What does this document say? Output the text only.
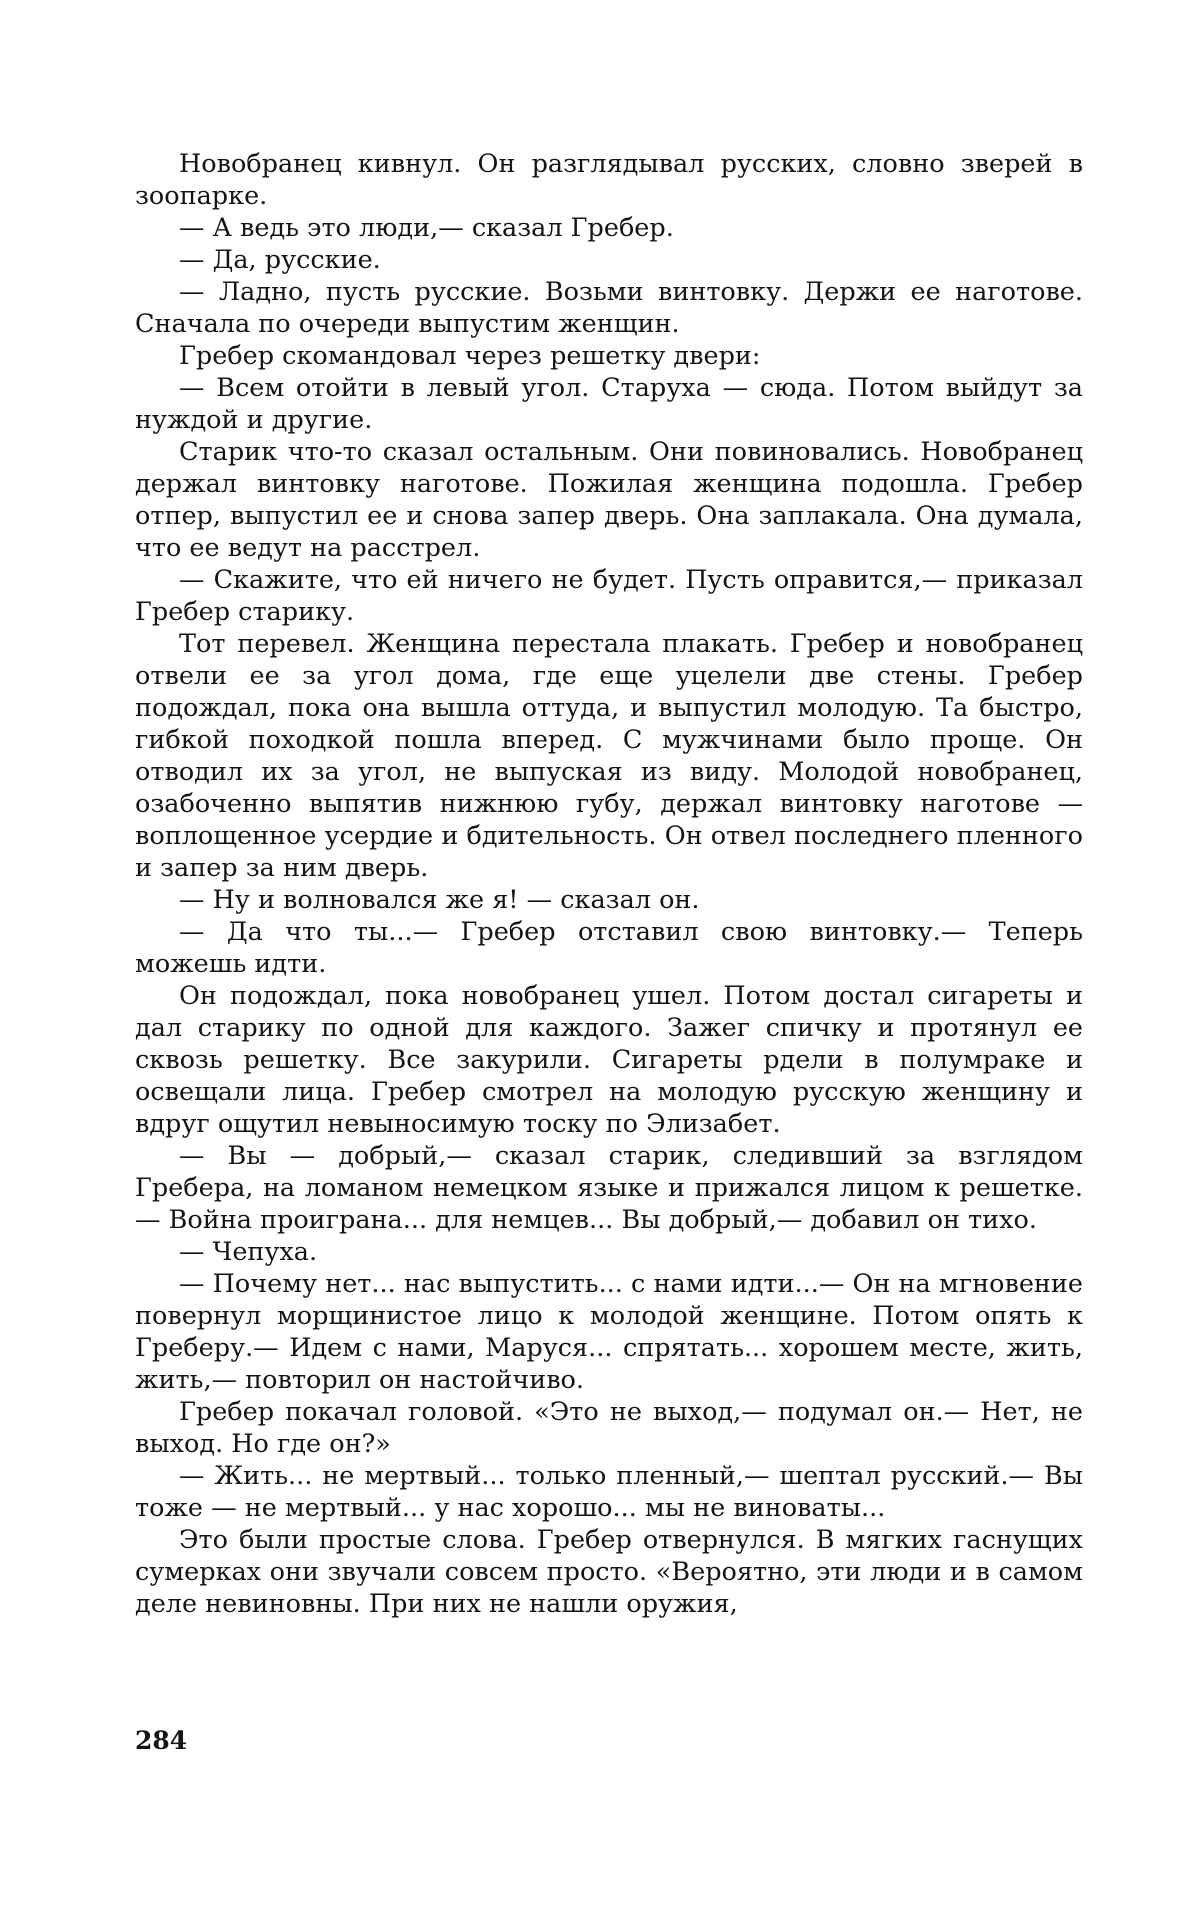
Новобранец кивнул. Он разглядывал русских, словно зверей в зоопарке.

— А ведь это люди,— сказал Гребер.

— Да, русские.

— Ладно, пусть русские. Возьми винтовку. Держи ее наготове. Сначала по очереди выпустим женщин.

Гребер скомандовал через решетку двери:

— Всем отойти в левый угол. Старуха — сюда. Потом выйдут за нуждой и другие.

Старик что-то сказал остальным. Они повиновались. Новобранец держал винтовку наготове. Пожилая женщина подошла. Гребер отпер, выпустил ее и снова запер дверь. Она заплакала. Она думала, что ее ведут на расстрел.

— Скажите, что ей ничего не будет. Пусть оправится,— приказал Гребер старику.

Тот перевел. Женщина перестала плакать. Гребер и новобранец отвели ее за угол дома, где еще уцелели две стены. Гребер подождал, пока она вышла оттуда, и выпустил молодую. Та быстро, гибкой походкой пошла вперед. С мужчинами было проще. Он отводил их за угол, не выпуская из виду. Молодой новобранец, озабоченно выпятив нижнюю губу, держал винтовку наготове — воплощенное усердие и бдительность. Он отвел последнего пленного и запер за ним дверь.

— Ну и волновался же я! — сказал он.

— Да что ты...— Гребер отставил свою винтовку.— Теперь можешь идти.

Он подождал, пока новобранец ушел. Потом достал сигареты и дал старику по одной для каждого. Зажег спичку и протянул ее сквозь решетку. Все закурили. Сигареты рдели в полумраке и освещали лица. Гребер смотрел на молодую русскую женщину и вдруг ощутил невыносимую тоску по Элизабет.

— Вы — добрый,— сказал старик, следивший за взглядом Гребера, на ломаном немецком языке и прижался лицом к решетке.— Война проиграна... для немцев... Вы добрый,— добавил он тихо.

— Чепуха.

— Почему нет... нас выпустить... с нами идти...— Он на мгновение повернул морщинистое лицо к молодой женщине. Потом опять к Греберу.— Идем с нами, Маруся... спрятать... хорошем месте, жить, жить,— повторил он настойчиво.

Гребер покачал головой. «Это не выход,— подумал он.— Нет, не выход. Но где он?»

— Жить... не мертвый... только пленный,— шептал русский.— Вы тоже — не мертвый... у нас хорошо... мы не виноваты...

Это были простые слова. Гребер отвернулся. В мягких гаснущих сумерках они звучали совсем просто. «Вероятно, эти люди и в самом деле невиновны. При них не нашли оружия,

284
